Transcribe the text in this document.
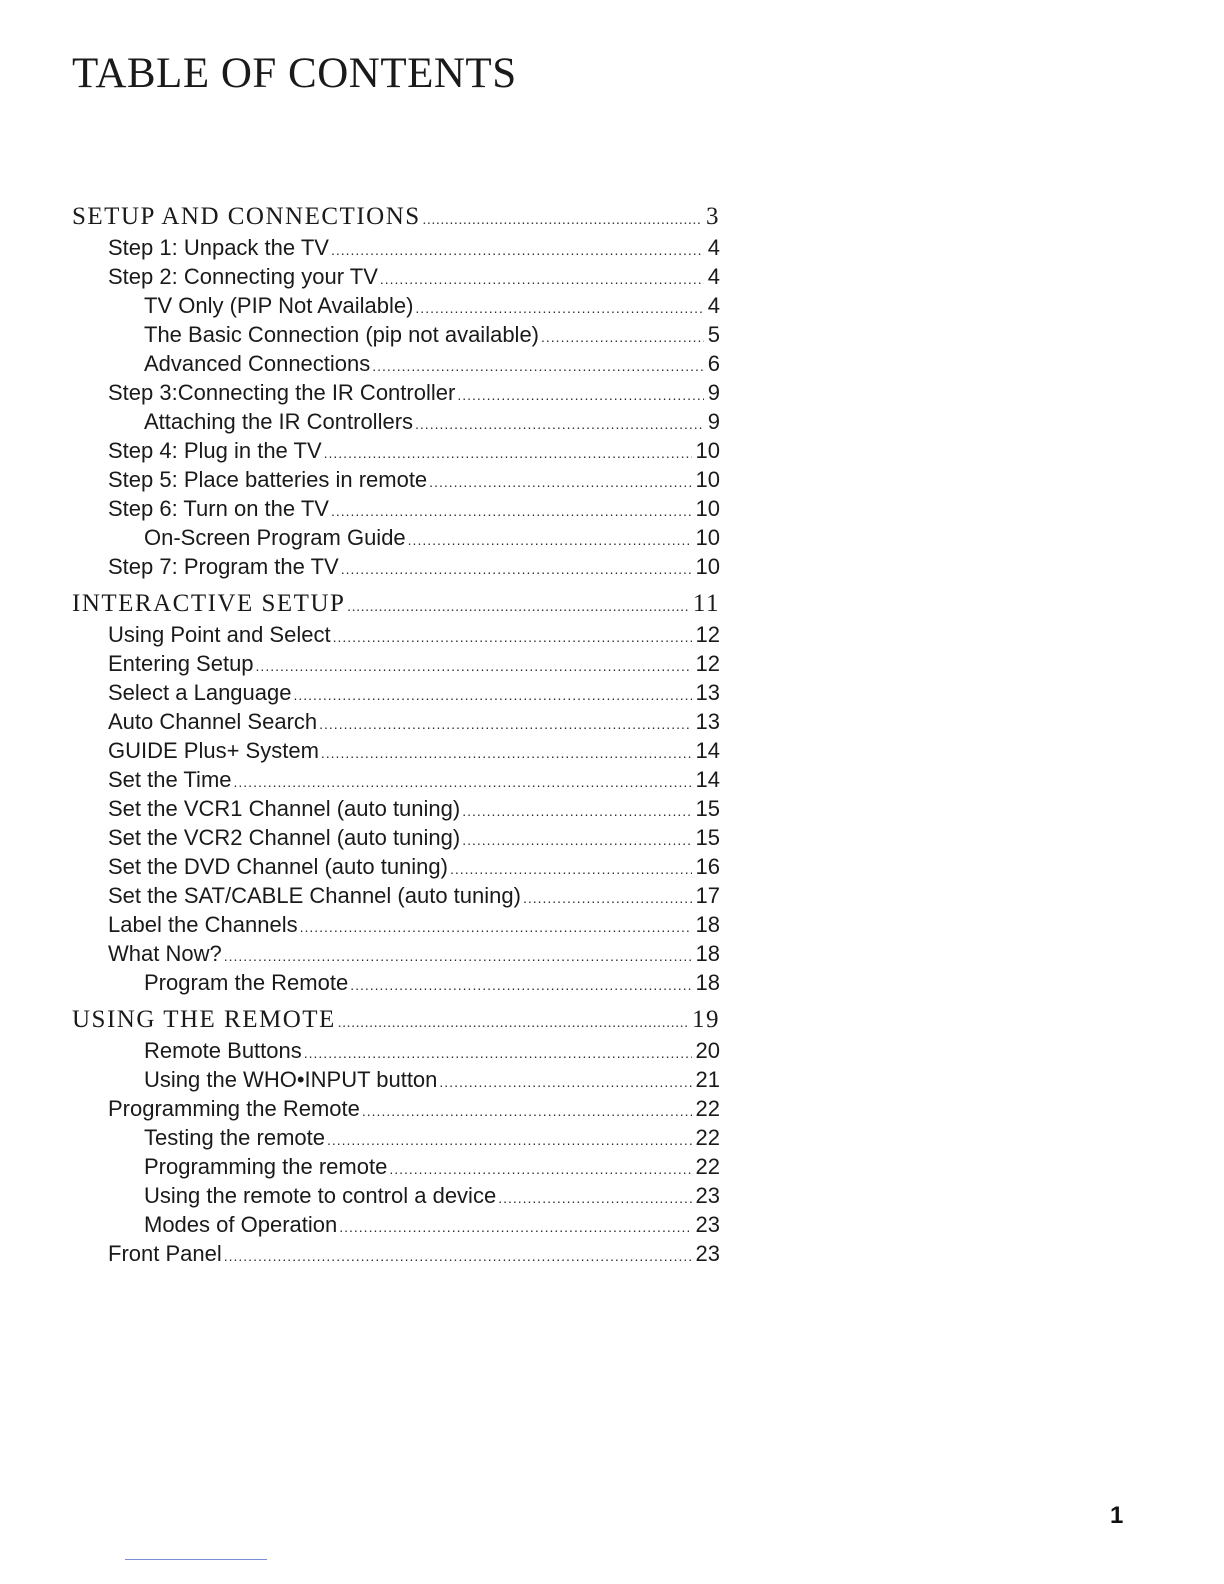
TABLE OF CONTENTS
SETUP AND CONNECTIONS .....	3
Step 1: Unpack the TV .....	4
Step 2: Connecting your TV .....	4
TV Only (PIP Not Available) .....	4
The Basic Connection (pip not available) .....	5
Advanced Connections .....	6
Step 3:Connecting the IR Controller .....	9
Attaching the IR Controllers .....	9
Step 4: Plug in the TV .....	10
Step 5: Place batteries in remote .....	10
Step 6: Turn on the TV .....	10
On-Screen Program Guide .....	10
Step 7: Program the TV .....	10
INTERACTIVE SETUP .....	11
Using Point and Select .....	12
Entering Setup .....	12
Select a Language .....	13
Auto Channel Search .....	13
GUIDE Plus+ System .....	14
Set the Time .....	14
Set the VCR1 Channel (auto tuning) .....	15
Set the VCR2 Channel (auto tuning) .....	15
Set the DVD Channel (auto tuning) .....	16
Set the SAT/CABLE Channel (auto tuning) .....	17
Label the Channels .....	18
What Now? .....	18
Program the Remote .....	18
USING THE REMOTE .....	19
Remote Buttons .....	20
Using the WHO•INPUT button .....	21
Programming the Remote .....	22
Testing the remote .....	22
Programming the remote .....	22
Using the remote to control a device .....	23
Modes of Operation .....	23
Front Panel .....	23
1
